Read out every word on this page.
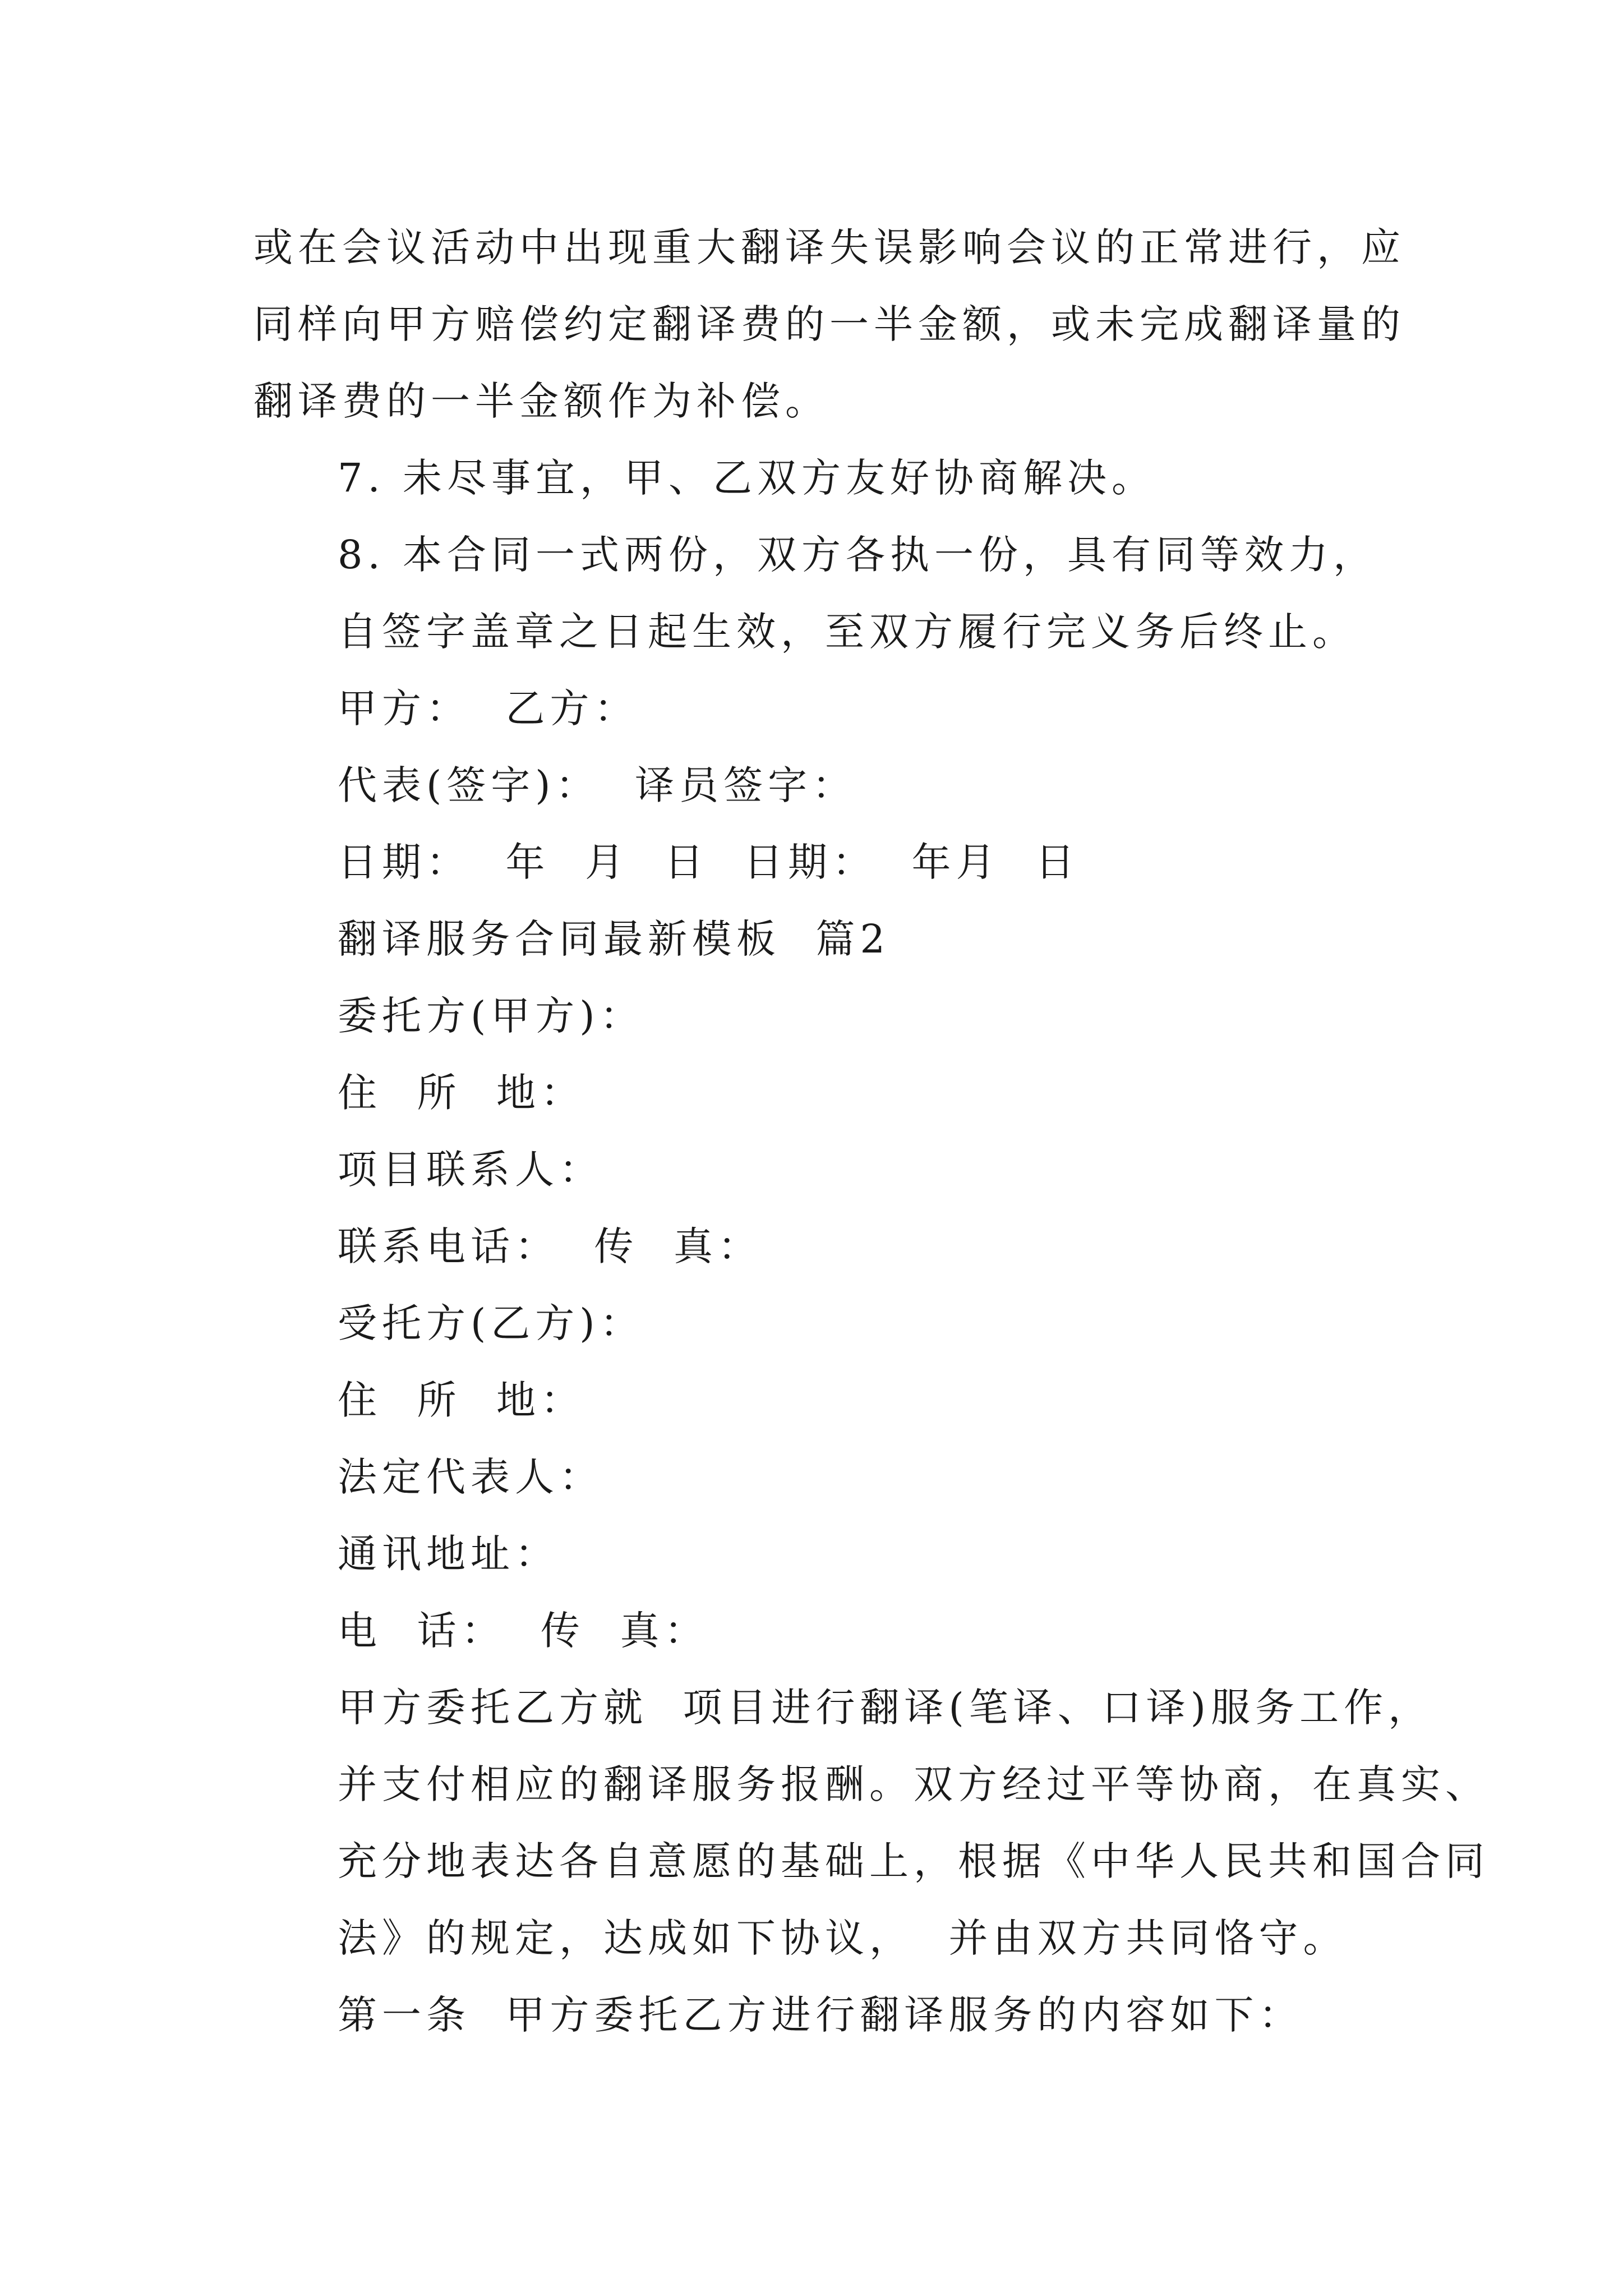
或在会议活动中出现重大翻译失误影响会议的正常进行，应
同样向甲方赔偿约定翻译费的一半金额，或未完成翻译量的
翻译费的一半金额作为补偿。

7. 未尽事宜，甲、乙双方友好协商解决。

8. 本合同一式两份，双方各执一份，具有同等效力，
自签字盖章之日起生效，至双方履行完义务后终止。

甲方：  乙方：

代表(签字)：  译员签字：

日期：  年  月  日  日期：  年月  日

翻译服务合同最新模板  篇2

委托方(甲方)：

住  所  地：

项目联系人：

联系电话：  传  真：

受托方(乙方)：

住  所  地：

法定代表人：

通讯地址：

电  话：  传  真：

甲方委托乙方就  项目进行翻译(笔译、口译)服务工作，
并支付相应的翻译服务报酬。双方经过平等协商，在真实、
充分地表达各自意愿的基础上，根据《中华人民共和国合同
法》的规定，达成如下协议，  并由双方共同恪守。

第一条  甲方委托乙方进行翻译服务的内容如下：
